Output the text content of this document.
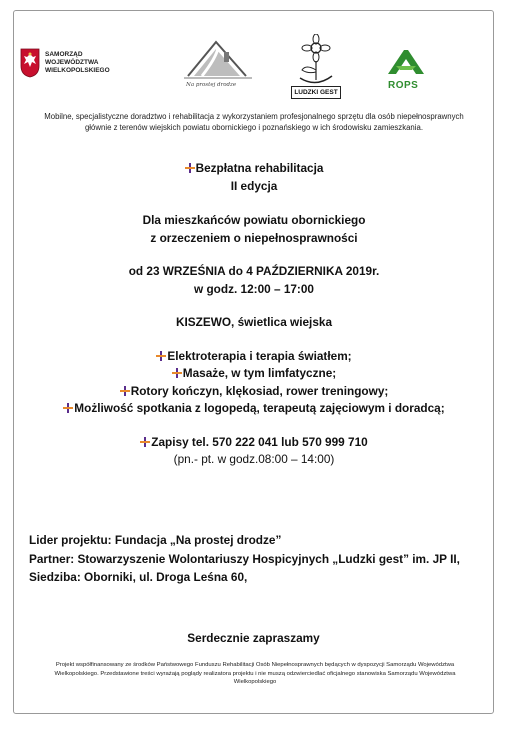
SAMORZĄD WOJEWÓDZTWA WIELKOPOLSKIEGO
Na prostej drodze
LUDZKI GEST
ROPS
Mobilne, specjalistyczne doradztwo i rehabilitacja z wykorzystaniem profesjonalnego sprzętu dla osób niepełnosprawnych głównie z terenów wiejskich powiatu obornickiego i poznańskiego w ich środowisku zamieszkania.

Bezpłatna rehabilitacja

II edycja

Dla mieszkańców powiatu obornickiego

z orzeczeniem o niepełnosprawności

od 23 WRZEŚNIA do 4 PAŹDZIERNIKA 2019r.

w godz. 12:00 – 17:00

KISZEWO, świetlica wiejska

Elektroterapia i terapia światłem;

Masaże, w tym limfatyczne;

Rotory kończyn, klękosiad, rower treningowy;

Możliwość spotkania z logopedą, terapeutą zajęciowym i doradcą;

Zapisy tel. 570 222 041 lub 570 999 710

(pn.- pt. w godz.08:00 – 14:00)

Lider projektu: Fundacja „Na prostej drodze”

Partner: Stowarzyszenie Wolontariuszy Hospicyjnych „Ludzki gest” im. JP II,

Siedziba: Oborniki, ul. Droga Leśna 60,

Serdecznie zapraszamy
Projekt współfinansowany ze środków Państwowego Funduszu Rehabilitacji Osób Niepełnosprawnych będących w dyspozycji Samorządu Województwa Wielkopolskiego. Przedstawione treści wyrażają poglądy realizatora projektu i nie muszą odzwierciedlać oficjalnego stanowiska Samorządu Województwa Wielkopolskiego
